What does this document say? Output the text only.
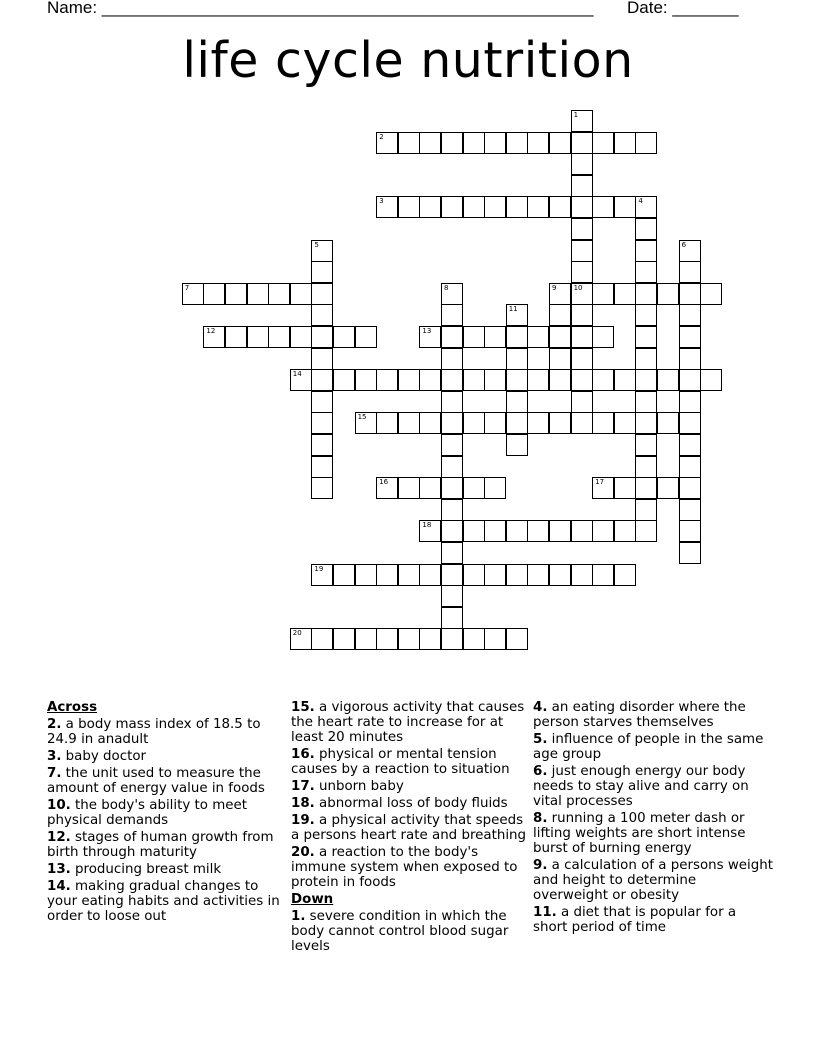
Name: ____________________________________________________ Date: _______
life cycle nutrition
1
10
2
3	4
5	6
7	8	9
11
12	13
14
15
16	17
18
19
20
Across
2. a body mass index of 18.5 to 24.9 in anadult
3. baby doctor
7. the unit used to measure the amount of energy value in foods
10. the body's ability to meet physical demands
12. stages of human growth from birth through maturity
13. producing breast milk
14. making gradual changes to your eating habits and activities in order to loose out
15. a vigorous activity that causes the heart rate to increase for at least 20 minutes
16. physical or mental tension causes by a reaction to situation
17. unborn baby
18. abnormal loss of body fluids
19. a physical activity that speeds a persons heart rate and breathing
20. a reaction to the body's immune system when exposed to protein in foods
Down
1. severe condition in which the body cannot control blood sugar levels
4. an eating disorder where the person starves themselves
5. influence of people in the same age group
6. just enough energy our body needs to stay alive and carry on vital processes
8. running a 100 meter dash or lifting weights are short intense burst of burning energy
9. a calculation of a persons weight and height to determine overweight or obesity
11. a diet that is popular for a short period of time
